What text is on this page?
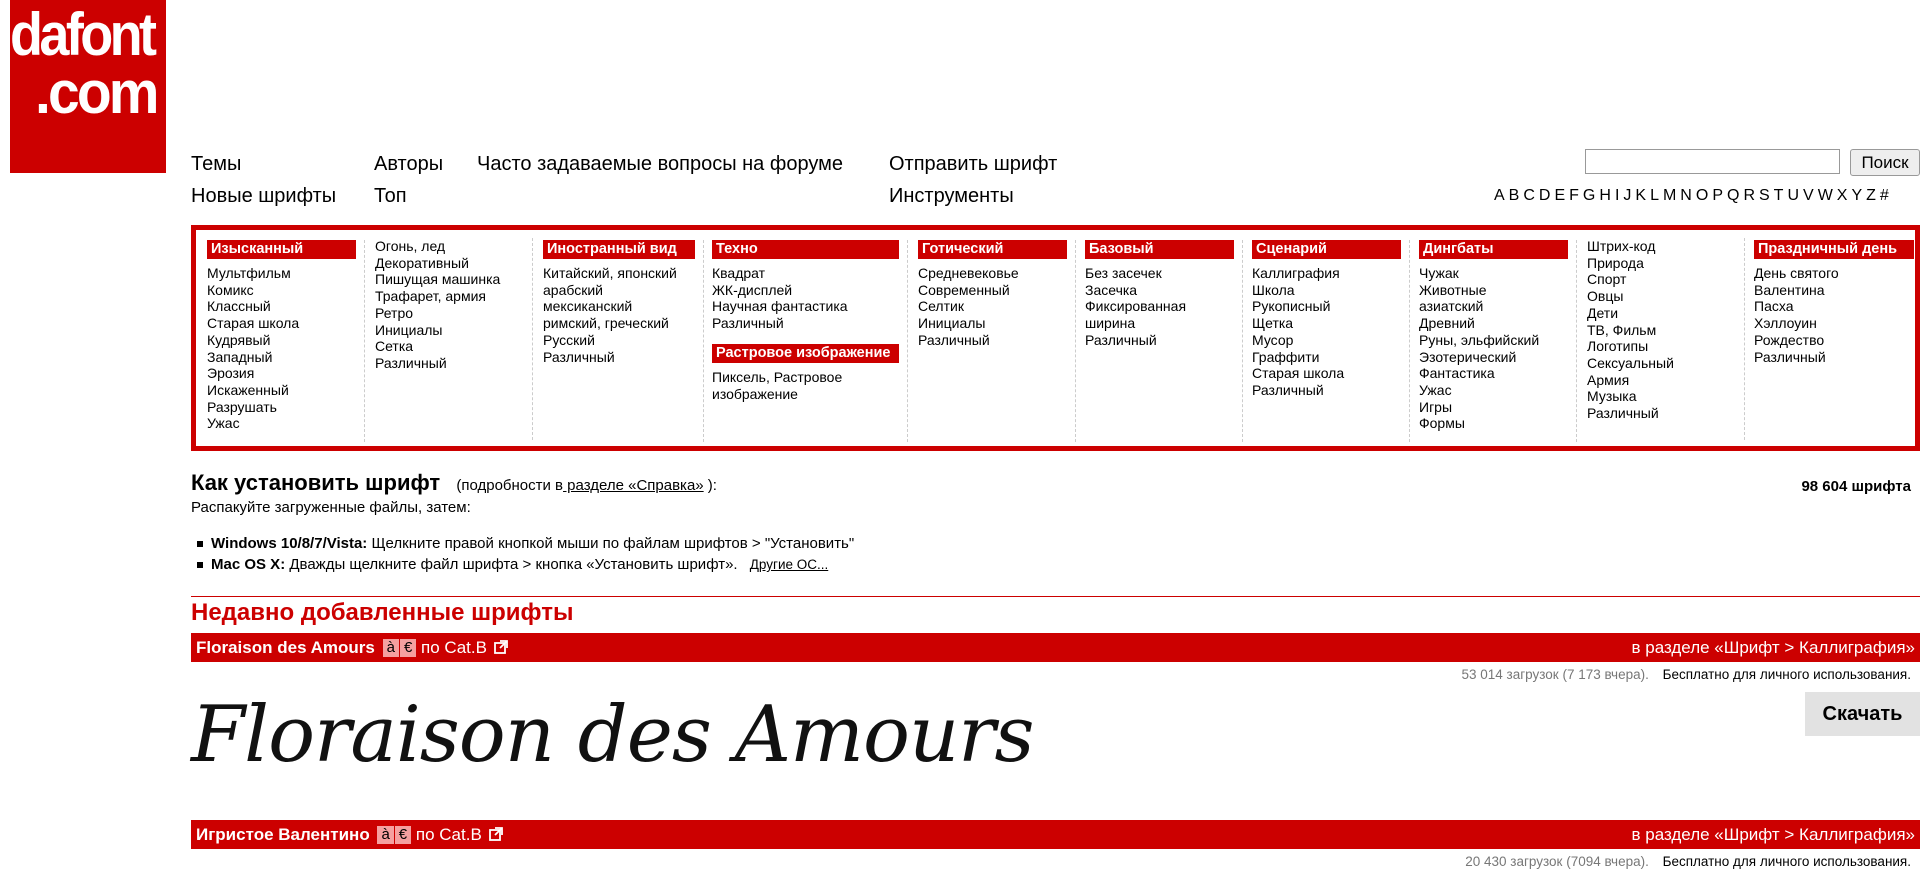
dafont
.com
Темы	Авторы Часто задаваемые вопросы на форуме Отправить шрифт
Новые шрифты Топ	Инструменты
Поиск
A B C D E F G H I J K L M N O P Q R S T U V W X Y Z #
Изысканный
Мультфильм
Комикс
Классный
Старая школа
Кудрявый
Западный
Эрозия
Искаженный
Разрушать
Ужас
Огонь, лед
Декоративный
Пишущая машинка
Трафарет, армия
Ретро
Инициалы
Сетка
Различный
Иностранный вид
Китайский, японский
арабский
мексиканский
римский, греческий
Русский
Различный
Техно
Квадрат
ЖК-дисплей
Научная фантастика
Различный
Растровое изображение
Пиксель, Растровое
изображение
Готический
Средневековье
Современный
Селтик
Инициалы
Различный
Базовый
Без засечек
Засечка
Фиксированная
ширина
Различный
Сценарий
Каллиграфия
Школа
Рукописный
Щетка
Мусор
Граффити
Старая школа
Различный
Дингбаты
Чужак
Животные
азиатский
Древний
Руны, эльфийский
Эзотерический
Фантастика
Ужас
Игры
Формы
Штрих-код
Природа
Спорт
Овцы
Дети
ТВ, Фильм
Логотипы
Сексуальный
Армия
Музыка
Различный
Праздничный день
День святого
Валентина
Пасха
Хэллоуин
Рождество
Различный
Как установить шрифт (подробности в разделе «Справка» ):	98 604 шрифта
Распакуйте загруженные файлы, затем:
Windows 10/8/7/Vista: Щелкните правой кнопкой мыши по файлам шрифтов > "Установить"
Mac OS X: Дважды щелкните файл шрифта > кнопка «Установить шрифт». Другие ОС...
Недавно добавленные шрифты
Floraison des Amours à € по Cat.B	в разделе «Шрифт > Каллиграфия»
53 014 загрузок (7 173 вчера). Бесплатно для личного использования.
Floraison des Amours	Скачать
Игристое Валентино à € по Cat.B	в разделе «Шрифт > Каллиграфия»
20 430 загрузок (7094 вчера). Бесплатно для личного использования.
